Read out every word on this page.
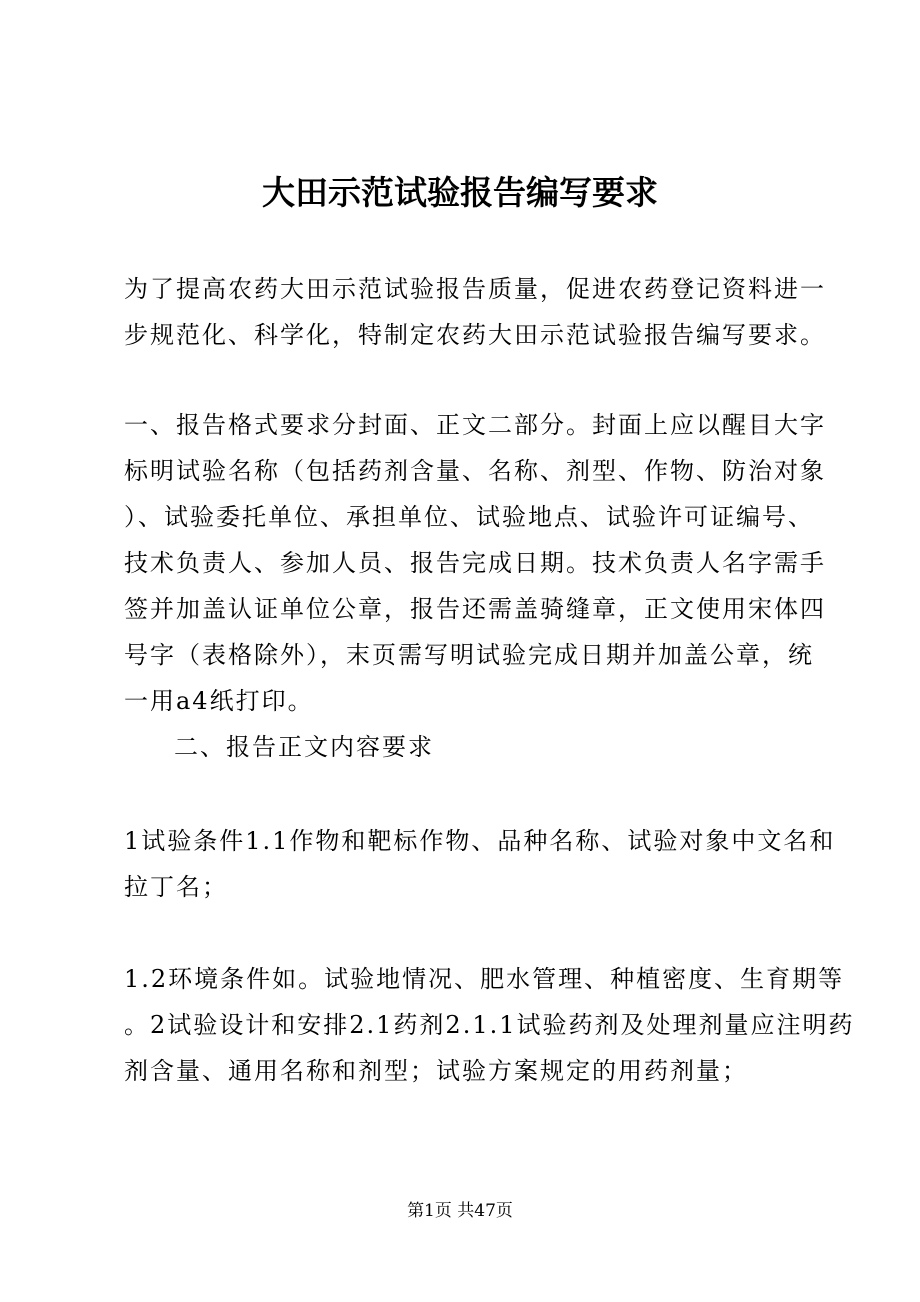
大田示范试验报告编写要求
为了提高农药大田示范试验报告质量，促进农药登记资料进一
步规范化、科学化，特制定农药大田示范试验报告编写要求。
一、报告格式要求分封面、正文二部分。封面上应以醒目大字
标明试验名称（包括药剂含量、名称、剂型、作物、防治对象
）、试验委托单位、承担单位、试验地点、试验许可证编号、
技术负责人、参加人员、报告完成日期。技术负责人名字需手
签并加盖认证单位公章，报告还需盖骑缝章，正文使用宋体四
号字（表格除外），末页需写明试验完成日期并加盖公章，统
一用a4纸打印。
二、报告正文内容要求
1试验条件1.1作物和靶标作物、品种名称、试验对象中文名和
拉丁名；
1.2环境条件如。试验地情况、肥水管理、种植密度、生育期等
。2试验设计和安排2.1药剂2.1.1试验药剂及处理剂量应注明药
剂含量、通用名称和剂型；试验方案规定的用药剂量；
第1页 共47页
